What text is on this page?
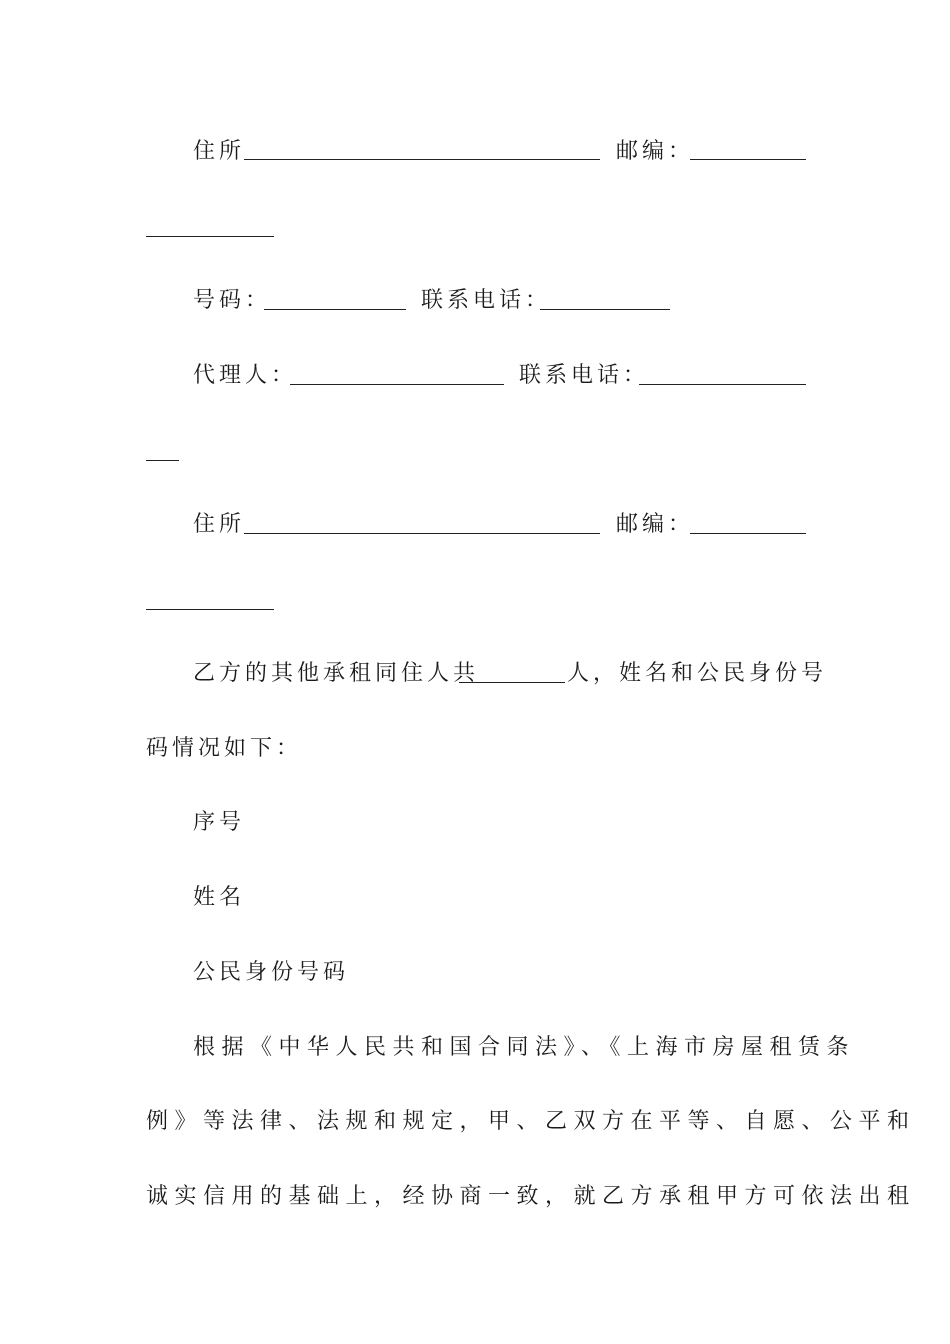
住所	邮编：
号码：	联系电话：
代理人：	联系电话：
住所	邮编：
乙方的其他承租同住人共	人，姓名和公民身份号
码情况如下：
序号
姓名
公民身份号码
根据《中华人民共和国合同法》、《上海市房屋租赁条
例》等法律、法规和规定，甲、乙双方在平等、自愿、公平和
诚实信用的基础上，经协商一致，就乙方承租甲方可依法出租
